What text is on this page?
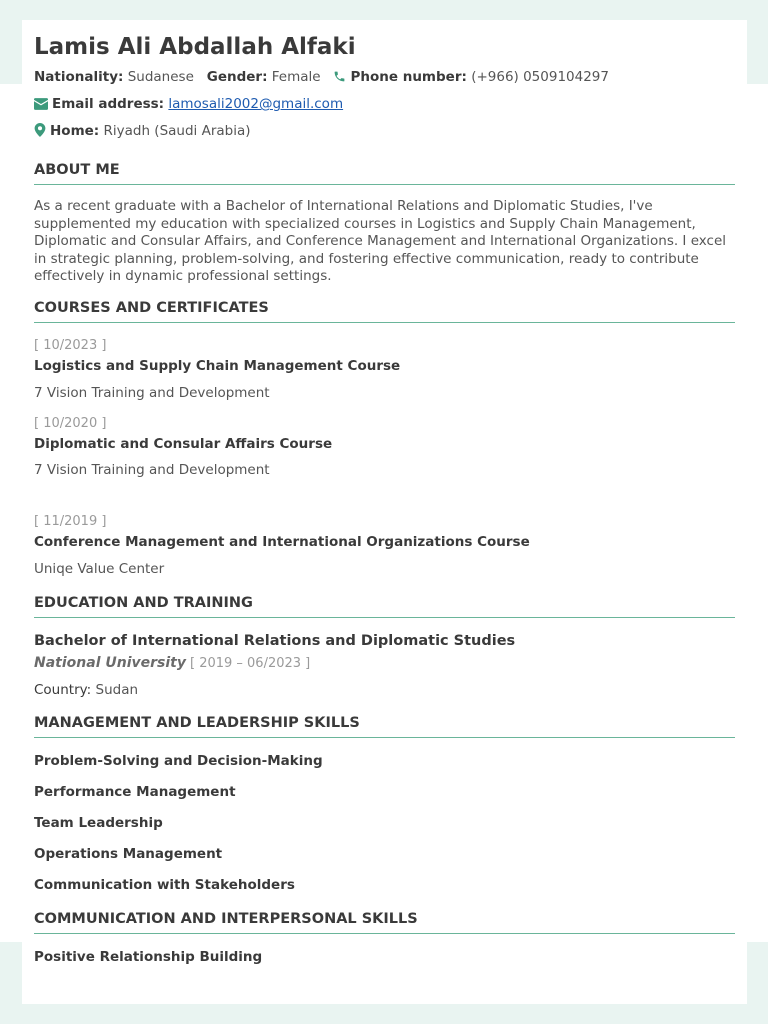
Lamis Ali Abdallah Alfaki
Nationality: Sudanese Gender: Female Phone number: (+966) 0509104297
Email address: lamosali2002@gmail.com
Home: Riyadh (Saudi Arabia)
ABOUT ME

As a recent graduate with a Bachelor of International Relations and Diplomatic Studies, I've supplemented my education with specialized courses in Logistics and Supply Chain Management, Diplomatic and Consular Affairs, and Conference Management and International Organizations. I excel in strategic planning, problem-solving, and fostering effective communication, ready to contribute effectively in dynamic professional settings.

COURSES AND CERTIFICATES
[ 10/2023 ]
Logistics and Supply Chain Management Course
7 Vision Training and Development
[ 10/2020 ]
Diplomatic and Consular Affairs Course
7 Vision Training and Development
[ 11/2019 ]
Conference Management and International Organizations Course
Uniqe Value Center
EDUCATION AND TRAINING
Bachelor of International Relations and Diplomatic Studies
National University [ 2019 – 06/2023 ]
Country: Sudan
MANAGEMENT AND LEADERSHIP SKILLS
Problem-Solving and Decision-Making
Performance Management
Team Leadership
Operations Management
Communication with Stakeholders
COMMUNICATION AND INTERPERSONAL SKILLS
Positive Relationship Building
